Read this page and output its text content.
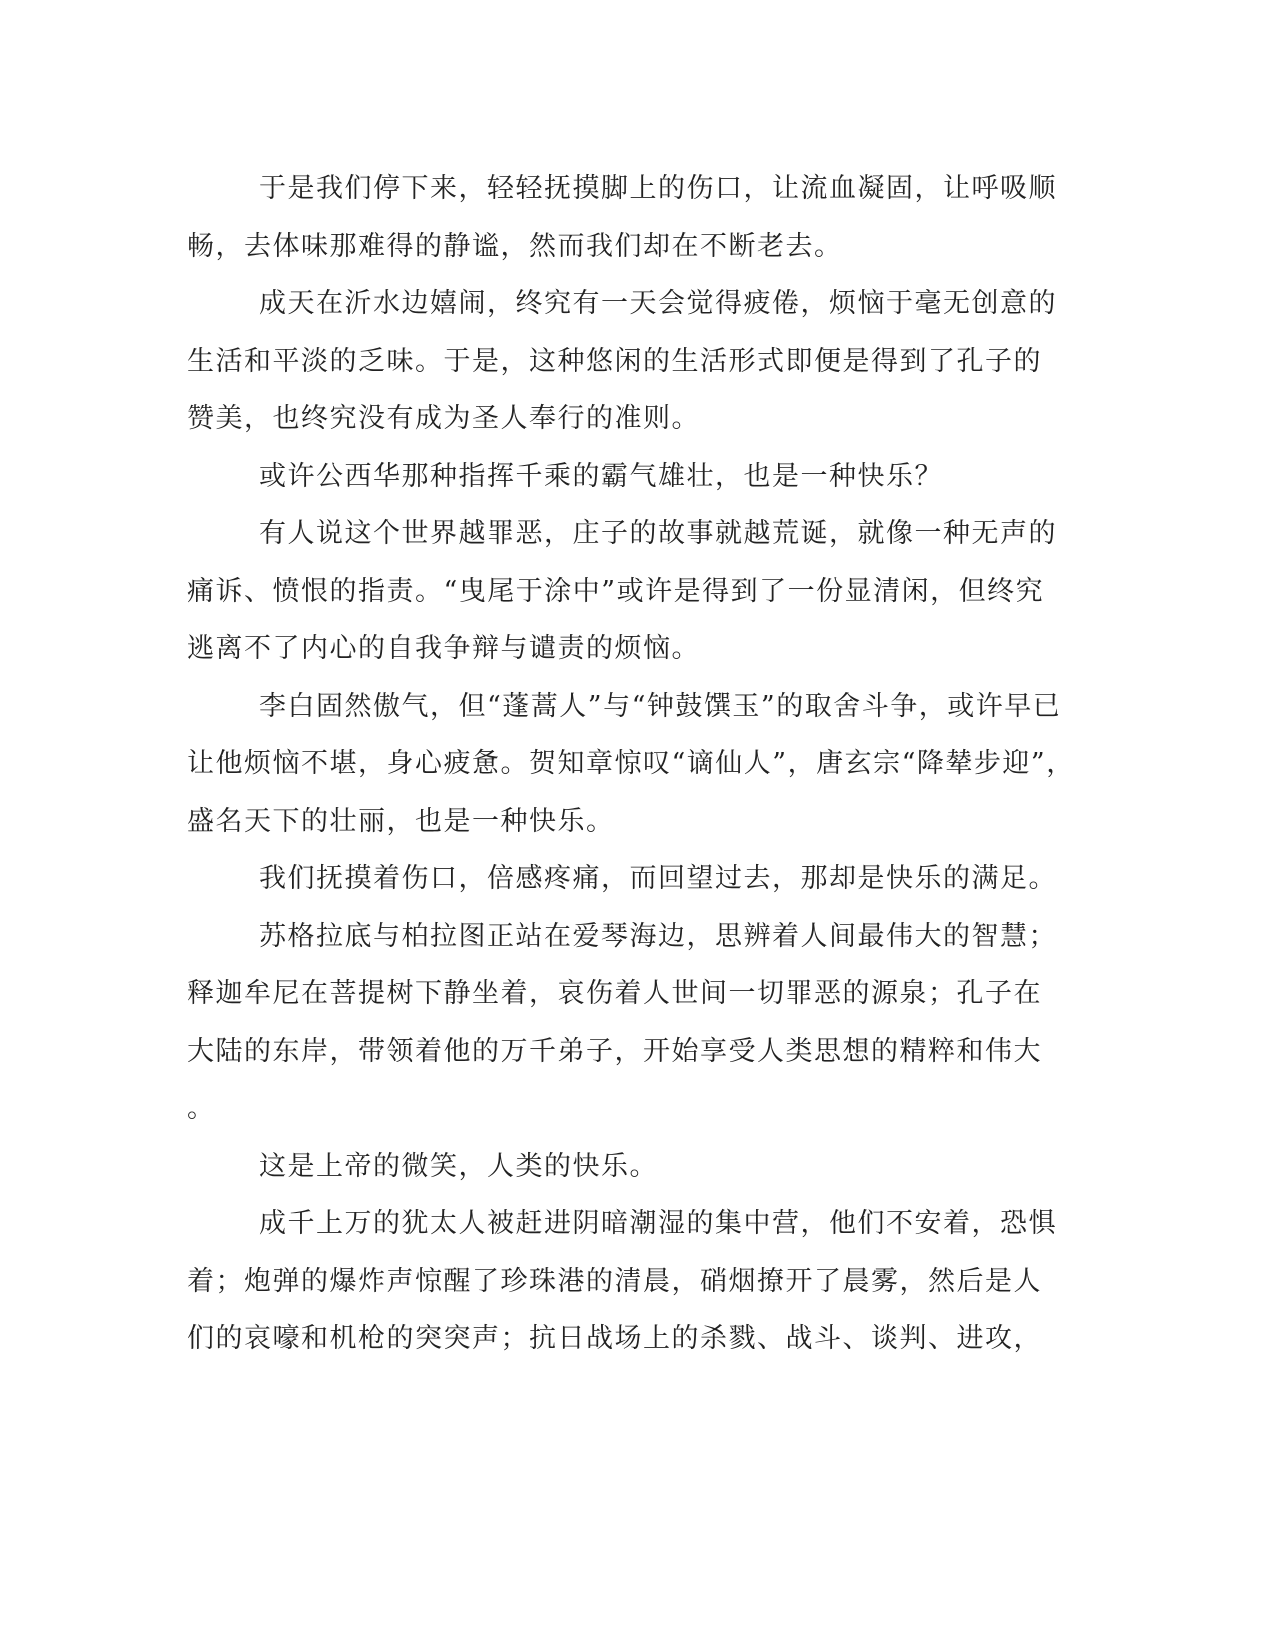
于是我们停下来，轻轻抚摸脚上的伤口，让流血凝固，让呼吸顺
畅，去体味那难得的静谧，然而我们却在不断老去。
成天在沂水边嬉闹，终究有一天会觉得疲倦，烦恼于毫无创意的
生活和平淡的乏味。于是，这种悠闲的生活形式即便是得到了孔子的
赞美，也终究没有成为圣人奉行的准则。
或许公西华那种指挥千乘的霸气雄壮，也是一种快乐？
有人说这个世界越罪恶，庄子的故事就越荒诞，就像一种无声的
痛诉、愤恨的指责。“曳尾于涂中”或许是得到了一份显清闲，但终究
逃离不了内心的自我争辩与谴责的烦恼。
李白固然傲气，但“蓬蒿人”与“钟鼓馔玉”的取舍斗争，或许早已
让他烦恼不堪，身心疲惫。贺知章惊叹“谪仙人”，唐玄宗“降辇步迎”，
盛名天下的壮丽，也是一种快乐。
我们抚摸着伤口，倍感疼痛，而回望过去，那却是快乐的满足。
苏格拉底与柏拉图正站在爱琴海边，思辨着人间最伟大的智慧；
释迦牟尼在菩提树下静坐着，哀伤着人世间一切罪恶的源泉；孔子在
大陆的东岸，带领着他的万千弟子，开始享受人类思想的精粹和伟大
。
这是上帝的微笑，人类的快乐。
成千上万的犹太人被赶进阴暗潮湿的集中营，他们不安着，恐惧
着；炮弹的爆炸声惊醒了珍珠港的清晨，硝烟撩开了晨雾，然后是人
们的哀嚎和机枪的突突声；抗日战场上的杀戮、战斗、谈判、进攻，
